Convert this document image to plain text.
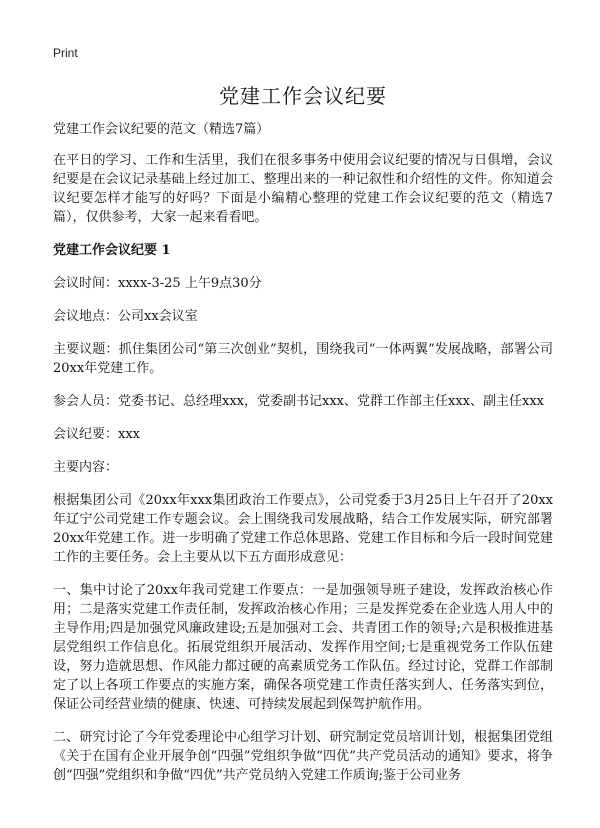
Print
党建工作会议纪要

党建工作会议纪要的范文（精选7篇）

在平日的学习、工作和生活里，我们在很多事务中使用会议纪要的情况与日俱增，会议纪要是在会议记录基础上经过加工、整理出来的一种记叙性和介绍性的文件。你知道会议纪要怎样才能写的好吗？下面是小编精心整理的党建工作会议纪要的范文（精选7篇），仅供参考，大家一起来看看吧。

党建工作会议纪要 1

会议时间：xxxx-3-25 上午9点30分

会议地点：公司xx会议室

主要议题：抓住集团公司“第三次创业”契机，围绕我司“一体两翼”发展战略，部署公司20xx年党建工作。

参会人员：党委书记、总经理xxx，党委副书记xxx、党群工作部主任xxx、副主任xxx

会议纪要：xxx

主要内容：

根据集团公司《20xx年xxx集团政治工作要点》，公司党委于3月25日上午召开了20xx年辽宁公司党建工作专题会议。会上围绕我司发展战略，结合工作发展实际，研究部署20xx年党建工作。进一步明确了党建工作总体思路、党建工作目标和今后一段时间党建工作的主要任务。会上主要从以下五方面形成意见：

一、集中讨论了20xx年我司党建工作要点：一是加强领导班子建设，发挥政治核心作用；二是落实党建工作责任制，发挥政治核心作用；三是发挥党委在企业选人用人中的主导作用;四是加强党风廉政建设;五是加强对工会、共青团工作的领导;六是积极推进基层党组织工作信息化。拓展党组织开展活动、发挥作用空间;七是重视党务工作队伍建设，努力造就思想、作风能力都过硬的高素质党务工作队伍。经过讨论，党群工作部制定了以上各项工作要点的实施方案，确保各项党建工作责任落实到人、任务落实到位，保证公司经营业绩的健康、快速、可持续发展起到保驾护航作用。

二、研究讨论了今年党委理论中心组学习计划、研究制定党员培训计划，根据集团党组《关于在国有企业开展争创“四强”党组织争做“四优”共产党员活动的通知》要求，将争创“四强”党组织和争做“四优”共产党员纳入党建工作质询;鉴于公司业务
